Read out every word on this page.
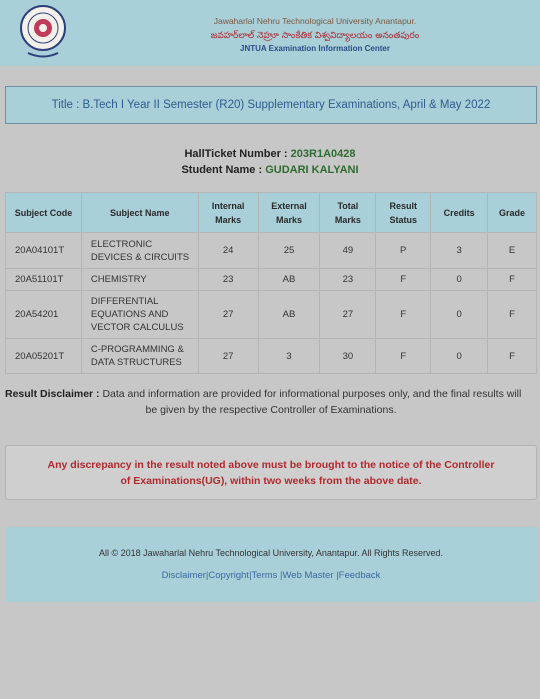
Jawaharlal Nehru Technological University Anantapur.
జవహర్‌లాల్ నెహ్రూ సాంకేతిక విశ్వవిద్యాలయం అనంతపురం
JNTUA Examination Information Center
Title : B.Tech I Year II Semester (R20) Supplementary Examinations, April & May 2022
HallTicket Number : 203R1A0428
Student Name : GUDARI KALYANI
Subject Code	Subject Name	Internal Marks	External Marks	Total Marks	Result Status	Credits	Grade
20A04101T	ELECTRONIC DEVICES & CIRCUITS	24	25	49	P	3	E
20A51101T	CHEMISTRY	23	AB	23	F	0	F
20A54201	DIFFERENTIAL EQUATIONS AND VECTOR CALCULUS	27	AB	27	F	0	F
20A05201T	C-PROGRAMMING & DATA STRUCTURES	27	3	30	F	0	F
Result Disclaimer : Data and information are provided for informational purposes only, and the final results will
be given by the respective Controller of Examinations.
Any discrepancy in the result noted above must be brought to the notice of the Controller of Examinations(UG), within two weeks from the above date.
All © 2018 Jawaharlal Nehru Technological University, Anantapur. All Rights Reserved.
Disclaimer|Copyright|Terms |Web Master |Feedback
